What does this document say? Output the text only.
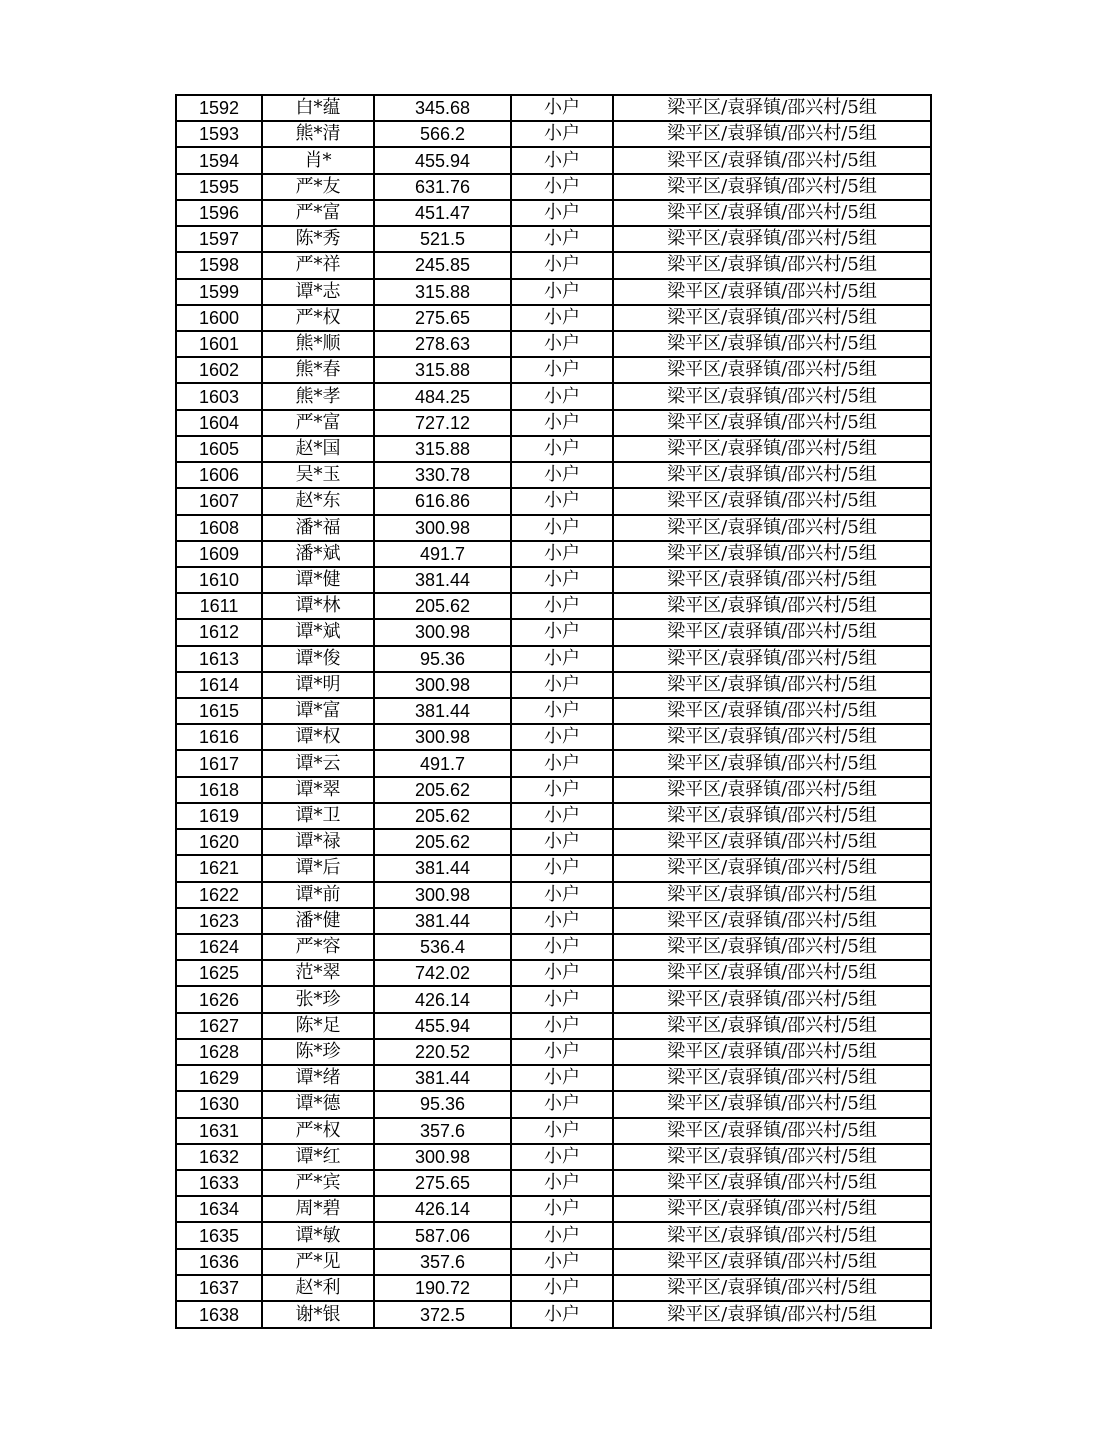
1592	白*蕴	345.68	小户	梁平区/袁驿镇/邵兴村/5组
1593	熊*清	566.2	小户	梁平区/袁驿镇/邵兴村/5组
1594	肖*	455.94	小户	梁平区/袁驿镇/邵兴村/5组
1595	严*友	631.76	小户	梁平区/袁驿镇/邵兴村/5组
1596	严*富	451.47	小户	梁平区/袁驿镇/邵兴村/5组
1597	陈*秀	521.5	小户	梁平区/袁驿镇/邵兴村/5组
1598	严*祥	245.85	小户	梁平区/袁驿镇/邵兴村/5组
1599	谭*志	315.88	小户	梁平区/袁驿镇/邵兴村/5组
1600	严*权	275.65	小户	梁平区/袁驿镇/邵兴村/5组
1601	熊*顺	278.63	小户	梁平区/袁驿镇/邵兴村/5组
1602	熊*春	315.88	小户	梁平区/袁驿镇/邵兴村/5组
1603	熊*孝	484.25	小户	梁平区/袁驿镇/邵兴村/5组
1604	严*富	727.12	小户	梁平区/袁驿镇/邵兴村/5组
1605	赵*国	315.88	小户	梁平区/袁驿镇/邵兴村/5组
1606	吴*玉	330.78	小户	梁平区/袁驿镇/邵兴村/5组
1607	赵*东	616.86	小户	梁平区/袁驿镇/邵兴村/5组
1608	潘*福	300.98	小户	梁平区/袁驿镇/邵兴村/5组
1609	潘*斌	491.7	小户	梁平区/袁驿镇/邵兴村/5组
1610	谭*健	381.44	小户	梁平区/袁驿镇/邵兴村/5组
1611	谭*林	205.62	小户	梁平区/袁驿镇/邵兴村/5组
1612	谭*斌	300.98	小户	梁平区/袁驿镇/邵兴村/5组
1613	谭*俊	95.36	小户	梁平区/袁驿镇/邵兴村/5组
1614	谭*明	300.98	小户	梁平区/袁驿镇/邵兴村/5组
1615	谭*富	381.44	小户	梁平区/袁驿镇/邵兴村/5组
1616	谭*权	300.98	小户	梁平区/袁驿镇/邵兴村/5组
1617	谭*云	491.7	小户	梁平区/袁驿镇/邵兴村/5组
1618	谭*翠	205.62	小户	梁平区/袁驿镇/邵兴村/5组
1619	谭*卫	205.62	小户	梁平区/袁驿镇/邵兴村/5组
1620	谭*禄	205.62	小户	梁平区/袁驿镇/邵兴村/5组
1621	谭*后	381.44	小户	梁平区/袁驿镇/邵兴村/5组
1622	谭*前	300.98	小户	梁平区/袁驿镇/邵兴村/5组
1623	潘*健	381.44	小户	梁平区/袁驿镇/邵兴村/5组
1624	严*容	536.4	小户	梁平区/袁驿镇/邵兴村/5组
1625	范*翠	742.02	小户	梁平区/袁驿镇/邵兴村/5组
1626	张*珍	426.14	小户	梁平区/袁驿镇/邵兴村/5组
1627	陈*足	455.94	小户	梁平区/袁驿镇/邵兴村/5组
1628	陈*珍	220.52	小户	梁平区/袁驿镇/邵兴村/5组
1629	谭*绪	381.44	小户	梁平区/袁驿镇/邵兴村/5组
1630	谭*德	95.36	小户	梁平区/袁驿镇/邵兴村/5组
1631	严*权	357.6	小户	梁平区/袁驿镇/邵兴村/5组
1632	谭*红	300.98	小户	梁平区/袁驿镇/邵兴村/5组
1633	严*宾	275.65	小户	梁平区/袁驿镇/邵兴村/5组
1634	周*碧	426.14	小户	梁平区/袁驿镇/邵兴村/5组
1635	谭*敏	587.06	小户	梁平区/袁驿镇/邵兴村/5组
1636	严*见	357.6	小户	梁平区/袁驿镇/邵兴村/5组
1637	赵*利	190.72	小户	梁平区/袁驿镇/邵兴村/5组
1638	谢*银	372.5	小户	梁平区/袁驿镇/邵兴村/5组
